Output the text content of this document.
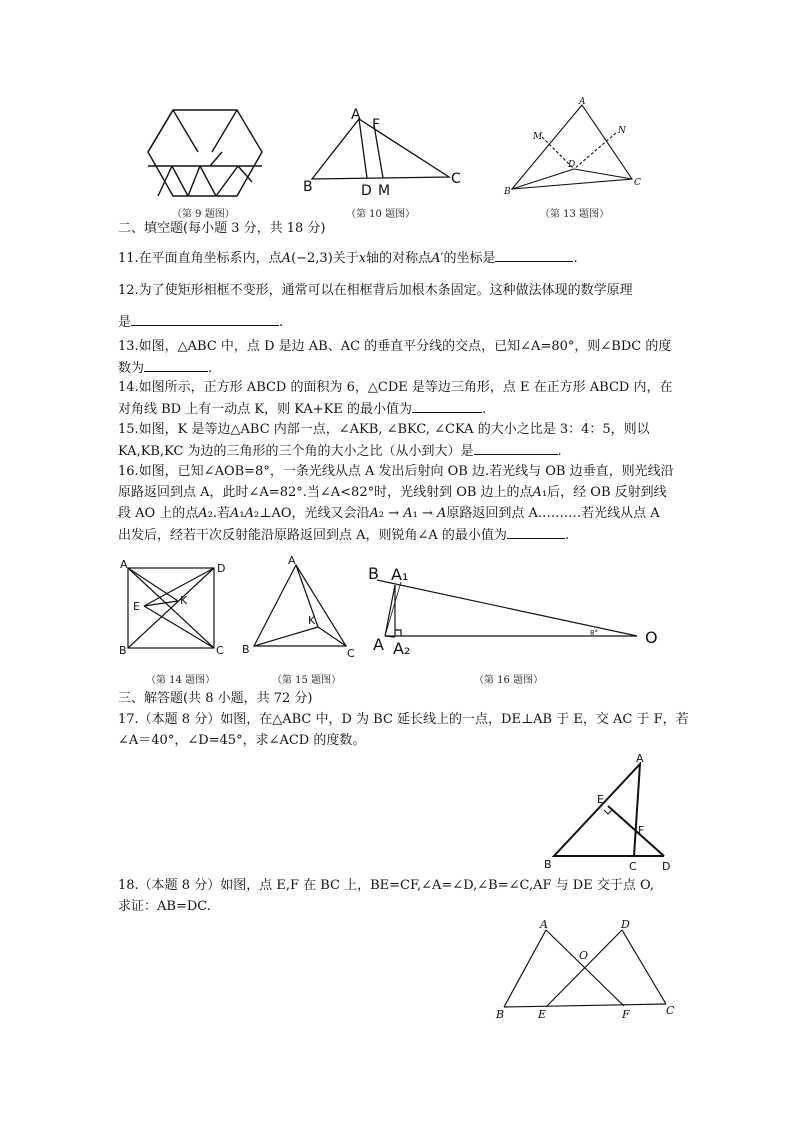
（第 9 题图）
A
F
B	D M
C
（第 10 题图）
A
M
N
D
B
C
（第 13 题图）
二、填空题(每小题 3 分，共 18 分)
11.在平面直角坐标系内，点𝐴(−2,3)关于𝑥轴的对称点𝐴′的坐标是	.
12.为了使矩形相框不变形，通常可以在相框背后加根木条固定。这种做法体现的数学原理
是	.
13.如图，△ABC 中，点 D 是边 AB、AC 的垂直平分线的交点，已知∠A=80°，则∠BDC 的度
数为	.
14.如图所示，正方形 ABCD 的面积为 6，△CDE 是等边三角形，点 E 在正方形 ABCD 内，在
对角线 BD 上有一动点 K，则 KA+KE 的最小值为	.
15.如图，K 是等边△ABC 内部一点，∠AKB, ∠BKC, ∠CKA 的大小之比是 3：4：5，则以
KA,KB,KC 为边的三角形的三个角的大小之比（从小到大）是	.
16.如图，已知∠AOB=8°，一条光线从点 A 发出后射向 OB 边.若光线与 OB 边垂直，则光线沿
原路返回到点 A，此时∠A=82°.当∠A<82°时，光线射到 OB 边上的点𝐴₁后，经 OB 反射到线
段 AO 上的点𝐴₂.若𝐴₁𝐴₂⊥AO，光线又会沿𝐴₂ → 𝐴₁ → 𝐴原路返回到点 A.………若光线从点 A
出发后，经若干次反射能沿原路返回到点 A，则锐角∠A 的最小值为	.
A	D
E	K
B	C
（第 14 题图）
A
K
B	C
（第 15 题图）
B A₁
A A₂
O
8°
（第 16 题图）
三、解答题(共 8 小题，共 72 分)
17.（本题 8 分）如图，在△ABC 中，D 为 BC 延长线上的一点，DE⊥AB 于 E，交 AC 于 F，若
∠A＝40°，∠D=45°，求∠ACD 的度数。
A
E
F
B	C D
18.（本题 8 分）如图，点 E,F 在 BC 上，BE=CF,∠A=∠D,∠B=∠C,AF 与 DE 交于点 O,
求证：AB=DC.
A	D
O
B	E	F	C
